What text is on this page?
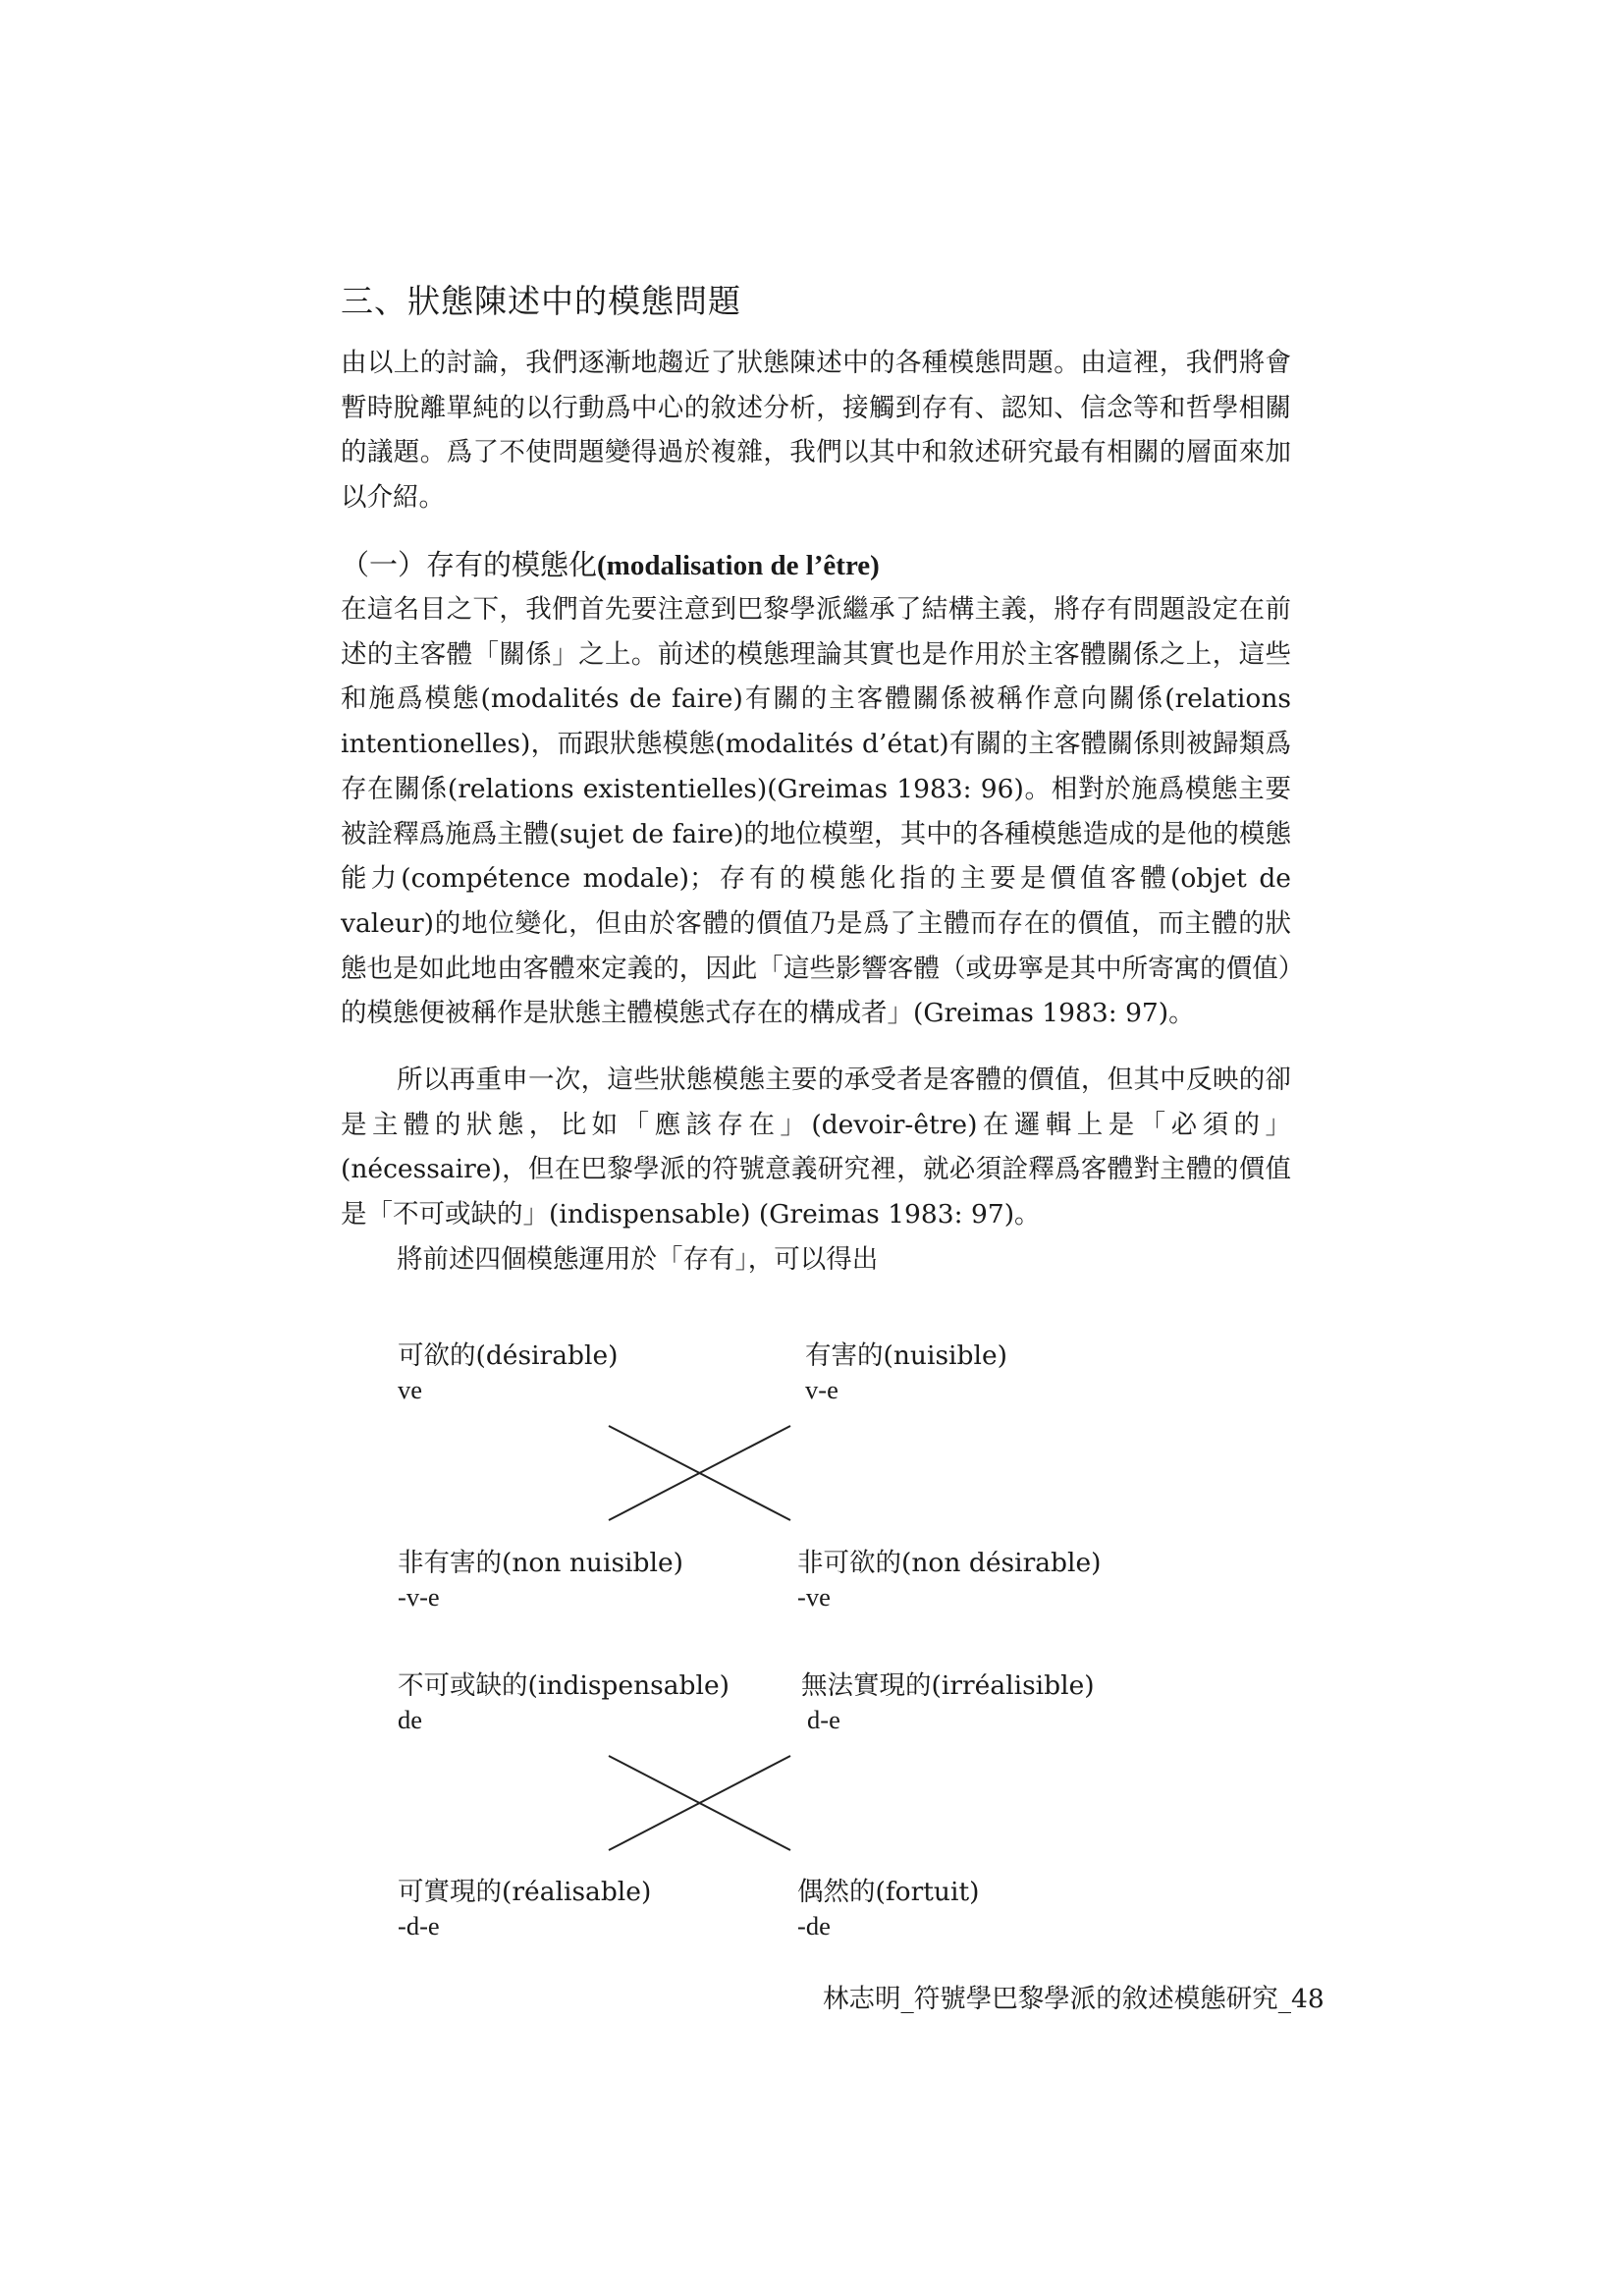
三、狀態陳述中的模態問題
由以上的討論，我們逐漸地趨近了狀態陳述中的各種模態問題。由這裡，我們將會暫時脫離單純的以行動爲中心的敘述分析，接觸到存有、認知、信念等和哲學相關的議題。爲了不使問題變得過於複雜，我們以其中和敘述研究最有相關的層面來加以介紹。
（一）存有的模態化(modalisation de l’être)
在這名目之下，我們首先要注意到巴黎學派繼承了結構主義，將存有問題設定在前述的主客體「關係」之上。前述的模態理論其實也是作用於主客體關係之上，這些和施爲模態(modalités de faire)有關的主客體關係被稱作意向關係(relations intentionelles)，而跟狀態模態(modalités d’état)有關的主客體關係則被歸類爲存在關係(relations existentielles)(Greimas 1983: 96)。相對於施爲模態主要被詮釋爲施爲主體(sujet de faire)的地位模塑，其中的各種模態造成的是他的模態能力(compétence modale)；存有的模態化指的主要是價值客體(objet de valeur)的地位變化，但由於客體的價值乃是爲了主體而存在的價值，而主體的狀態也是如此地由客體來定義的，因此「這些影響客體（或毋寧是其中所寄寓的價值）的模態便被稱作是狀態主體模態式存在的構成者」(Greimas 1983: 97)。
所以再重申一次，這些狀態模態主要的承受者是客體的價值，但其中反映的卻是主體的狀態，比如「應該存在」(devoir-être)在邏輯上是「必須的」(nécessaire)，但在巴黎學派的符號意義研究裡，就必須詮釋爲客體對主體的價值是「不可或缺的」(indispensable) (Greimas 1983: 97)。
將前述四個模態運用於「存有」，可以得出
可欲的(désirable)
ve
有害的(nuisible)
v-e
非有害的(non nuisible)
-v-e
非可欲的(non désirable)
-ve
不可或缺的(indispensable)
de
無法實現的(irréalisible)
d-e
可實現的(réalisable)
-d-e
偶然的(fortuit)
-de
林志明_符號學巴黎學派的敘述模態研究_48
